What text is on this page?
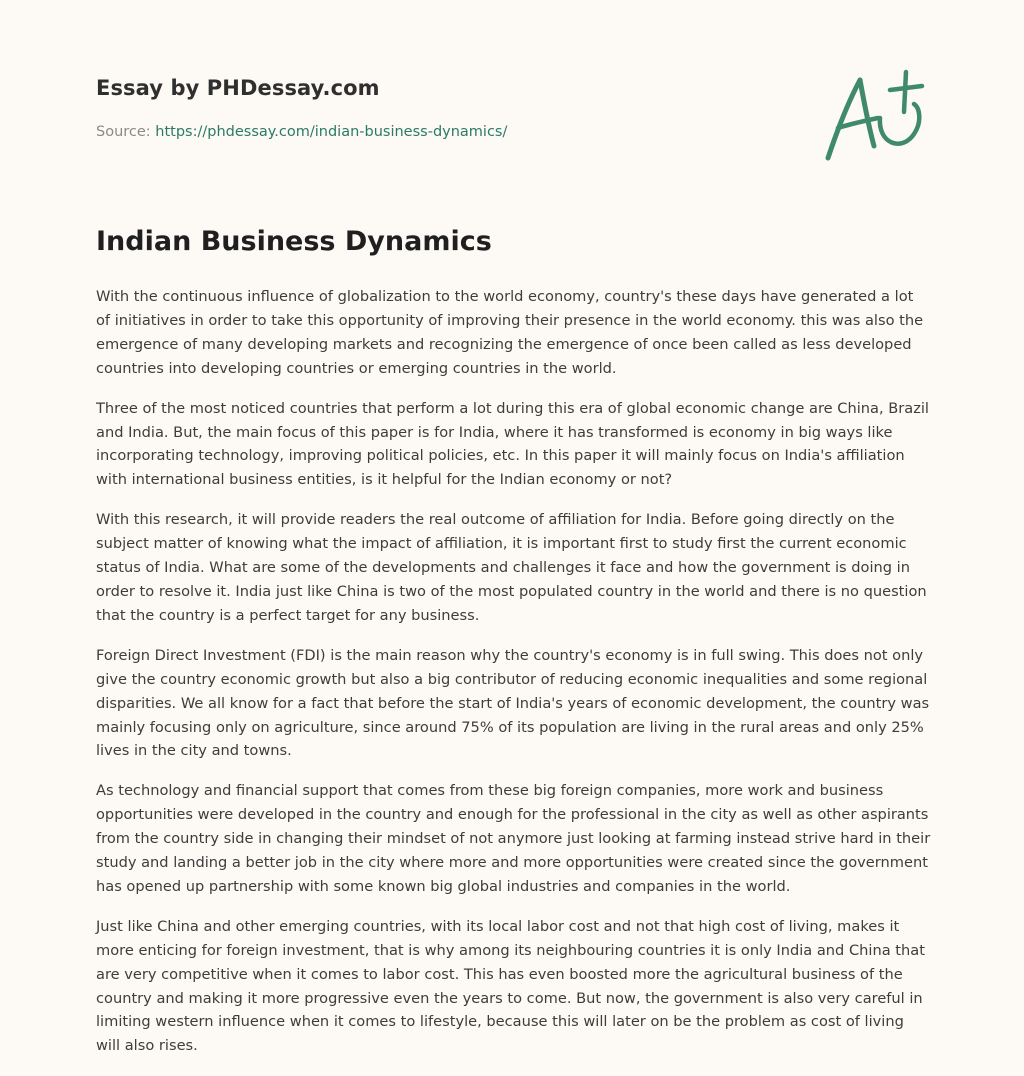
Essay by PHDessay.com
Source: https://phdessay.com/indian-business-dynamics/
Indian Business Dynamics

With the continuous influence of globalization to the world economy, country's these days have generated a lot of initiatives in order to take this opportunity of improving their presence in the world economy. this was also the emergence of many developing markets and recognizing the emergence of once been called as less developed countries into developing countries or emerging countries in the world.

Three of the most noticed countries that perform a lot during this era of global economic change are China, Brazil and India. But, the main focus of this paper is for India, where it has transformed is economy in big ways like incorporating technology, improving political policies, etc. In this paper it will mainly focus on India's affiliation with international business entities, is it helpful for the Indian economy or not?

With this research, it will provide readers the real outcome of affiliation for India. Before going directly on the subject matter of knowing what the impact of affiliation, it is important first to study first the current economic status of India. What are some of the developments and challenges it face and how the government is doing in order to resolve it. India just like China is two of the most populated country in the world and there is no question that the country is a perfect target for any business.

Foreign Direct Investment (FDI) is the main reason why the country's economy is in full swing. This does not only give the country economic growth but also a big contributor of reducing economic inequalities and some regional disparities. We all know for a fact that before the start of India's years of economic development, the country was mainly focusing only on agriculture, since around 75% of its population are living in the rural areas and only 25% lives in the city and towns.

As technology and financial support that comes from these big foreign companies, more work and business opportunities were developed in the country and enough for the professional in the city as well as other aspirants from the country side in changing their mindset of not anymore just looking at farming instead strive hard in their study and landing a better job in the city where more and more opportunities were created since the government has opened up partnership with some known big global industries and companies in the world.

Just like China and other emerging countries, with its local labor cost and not that high cost of living, makes it more enticing for foreign investment, that is why among its neighbouring countries it is only India and China that are very competitive when it comes to labor cost. This has even boosted more the agricultural business of the country and making it more progressive even the years to come. But now, the government is also very careful in limiting western influence when it comes to lifestyle, because this will later on be the problem as cost of living will also rises.
